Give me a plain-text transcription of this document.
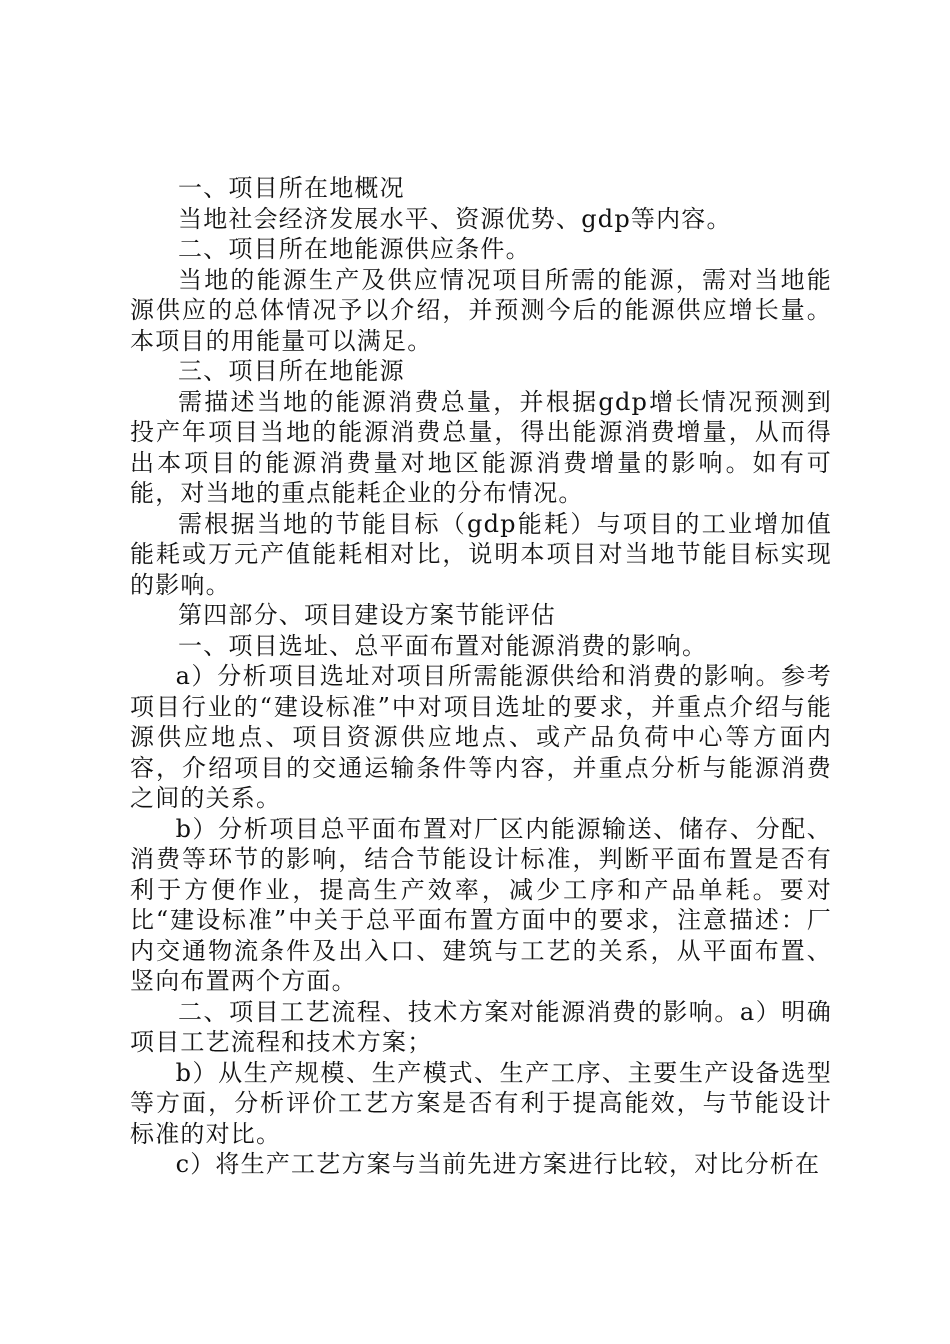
一、项目所在地概况

当地社会经济发展水平、资源优势、gdp等内容。

二、项目所在地能源供应条件。

当地的能源生产及供应情况项目所需的能源，需对当地能源供应的总体情况予以介绍，并预测今后的能源供应增长量。本项目的用能量可以满足。

三、项目所在地能源

需描述当地的能源消费总量，并根据gdp增长情况预测到投产年项目当地的能源消费总量，得出能源消费增量，从而得出本项目的能源消费量对地区能源消费增量的影响。如有可能，对当地的重点能耗企业的分布情况。

需根据当地的节能目标（gdp能耗）与项目的工业增加值能耗或万元产值能耗相对比，说明本项目对当地节能目标实现的影响。

第四部分、项目建设方案节能评估

一、项目选址、总平面布置对能源消费的影响。

a）分析项目选址对项目所需能源供给和消费的影响。参考项目行业的“建设标准”中对项目选址的要求，并重点介绍与能源供应地点、项目资源供应地点、或产品负荷中心等方面内容，介绍项目的交通运输条件等内容，并重点分析与能源消费之间的关系。

b）分析项目总平面布置对厂区内能源输送、储存、分配、消费等环节的影响，结合节能设计标准，判断平面布置是否有利于方便作业，提高生产效率，减少工序和产品单耗。要对比“建设标准”中关于总平面布置方面中的要求，注意描述：厂内交通物流条件及出入口、建筑与工艺的关系，从平面布置、竖向布置两个方面。

二、项目工艺流程、技术方案对能源消费的影响。a）明确项目工艺流程和技术方案；

b）从生产规模、生产模式、生产工序、主要生产设备选型等方面，分析评价工艺方案是否有利于提高能效，与节能设计标准的对比。

c）将生产工艺方案与当前先进方案进行比较，对比分析在
